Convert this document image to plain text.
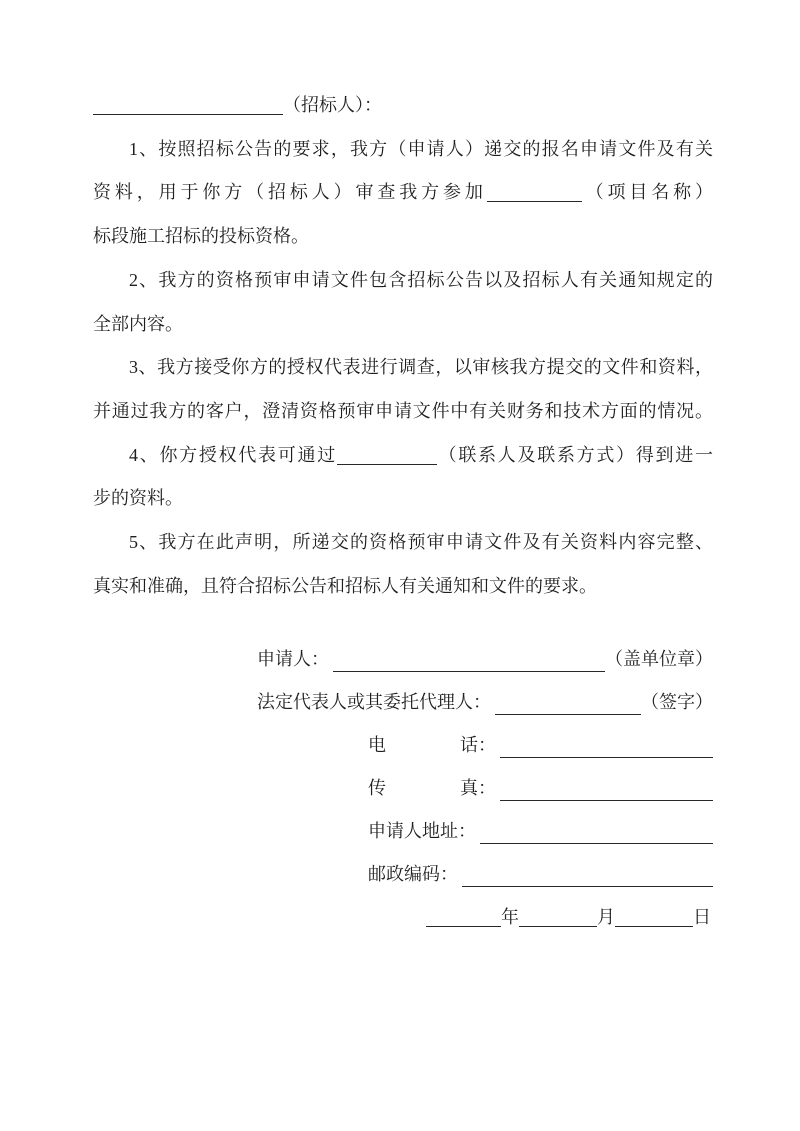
（招标人）：
1、按照招标公告的要求，我方（申请人）递交的报名申请文件及有关
资料，用于你方（招标人）审查我方参加	（项目名称）
标段施工招标的投标资格。
2、我方的资格预审申请文件包含招标公告以及招标人有关通知规定的
全部内容。
3、我方接受你方的授权代表进行调查，以审核我方提交的文件和资料，
并通过我方的客户，澄清资格预审申请文件中有关财务和技术方面的情况。
4、你方授权代表可通过	（联系人及联系方式）得到进一
步的资料。
5、我方在此声明，所递交的资格预审申请文件及有关资料内容完整、
真实和准确，且符合招标公告和招标人有关通知和文件的要求。
申请人：	（盖单位章）
法定代表人或其委托代理人：	（签字）
电	话 ：
传	真 ：
申请人地址：
邮政编码：
年	月	日
